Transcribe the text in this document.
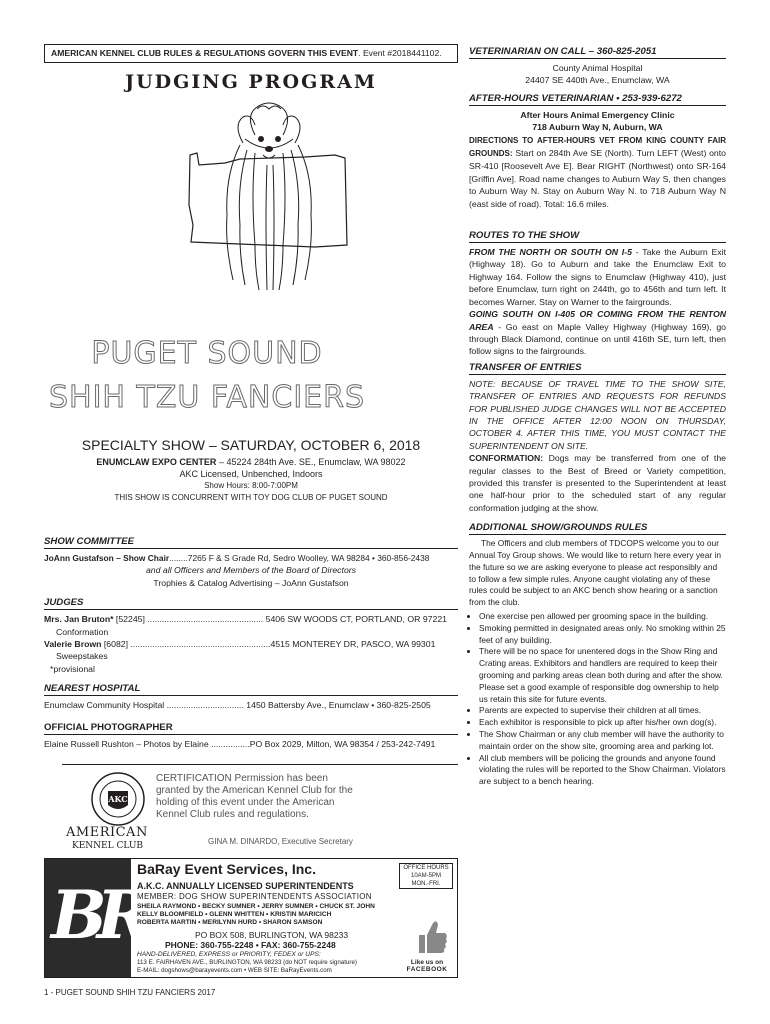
AMERICAN KENNEL CLUB RULES & REGULATIONS GOVERN THIS EVENT. Event #2018441102.
JUDGING PROGRAM
PUGET SOUND
SHIH TZU FANCIERS
SPECIALTY SHOW – SATURDAY, OCTOBER 6, 2018
ENUMCLAW EXPO CENTER – 45224 284th Ave. SE., Enumclaw, WA 98022
AKC Licensed, Unbenched, Indoors
Show Hours: 8:00-7:00PM
THIS SHOW IS CONCURRENT WITH TOY DOG CLUB OF PUGET SOUND
SHOW COMMITTEE
JoAnn Gustafson – Show Chair........7265 F & S Grade Rd, Sedro Woolley, WA 98284 • 360-856-2438
and all Officers and Members of the Board of Directors
Trophies & Catalog Advertising – JoAnn Gustafson
JUDGES
Mrs. Jan Bruton* [52245] ................................................ 5406 SW WOODS CT, PORTLAND, OR 97221
Conformation
Valerie Brown [6082] ..........................................................4515 MONTEREY DR, PASCO, WA 99301
Sweepstakes
*provisional
NEAREST HOSPITAL
Enumclaw Community Hospital ................................ 1450 Battersby Ave., Enumclaw • 360-825-2505
OFFICIAL PHOTOGRAPHER
Elaine Russell Rushton – Photos by Elaine ................PO Box 2029, Milton, WA 98354 / 253-242-7491
AKC
AMERICAN
KENNEL CLUB
CERTIFICATION Permission has been granted by the American Kennel Club for the holding of this event under the American Kennel Club rules and regulations.
GINA M. DINARDO, Executive Secretary
BR
BaRay Event Services, Inc.	OFFICE HOURS
10AM-5PM
MON.-FRI.
A.K.C. ANNUALLY LICENSED SUPERINTENDENTS
MEMBER: DOG SHOW SUPERINTENDENTS ASSOCIATION
SHEILA RAYMOND • BECKY SUMNER • JERRY SUMNER • CHUCK ST. JOHN
KELLY BLOOMFIELD • GLENN WHITTEN • KRISTIN MARICICH
ROBERTA MARTIN • MERILYNN HURD • SHARON SAMSON
PO BOX 508, BURLINGTON, WA 98233
PHONE: 360-755-2248 • FAX: 360-755-2248
HAND-DELIVERED, EXPRESS or PRIORITY, FEDEX or UPS:
113 E. FAIRHAVEN AVE., BURLINGTON, WA 98233 (do NOT require signature)
E-MAIL: dogshows@barayevents.com • WEB SITE: BaRayEvents.com
Like us on
FACEBOOK
1 - PUGET SOUND SHIH TZU FANCIERS 2017
VETERINARIAN ON CALL – 360-825-2051
County Animal Hospital
24407 SE 440th Ave., Enumclaw, WA
AFTER-HOURS VETERINARIAN • 253-939-6272
After Hours Animal Emergency Clinic
718 Auburn Way N, Auburn, WA
DIRECTIONS TO AFTER-HOURS VET FROM KING COUNTY FAIR GROUNDS: Start on 284th Ave SE (North). Turn LEFT (West) onto SR-410 [Roosevelt Ave E]. Bear RIGHT (Northwest) onto SR-164 [Griffin Ave]. Road name changes to Auburn Way S, then changes to Auburn Way N. Stay on Auburn Way N. to 718 Auburn Way N (east side of road). Total: 16.6 miles.
ROUTES TO THE SHOW
FROM THE NORTH OR SOUTH ON I-5 - Take the Auburn Exit (Highway 18). Go to Auburn and take the Enumclaw Exit to Highway 164. Follow the signs to Enumclaw (Highway 410), just before Enumclaw, turn right on 244th, go to 456th and turn left. It becomes Warner. Stay on Warner to the fairgrounds.
GOING SOUTH ON I-405 OR COMING FROM THE RENTON AREA - Go east on Maple Valley Highway (Highway 169), go through Black Diamond, continue on until 416th SE, turn left, then follow signs to the fairgrounds.
TRANSFER OF ENTRIES
NOTE: BECAUSE OF TRAVEL TIME TO THE SHOW SITE, TRANSFER OF ENTRIES AND REQUESTS FOR REFUNDS FOR PUBLISHED JUDGE CHANGES WILL NOT BE ACCEPTED IN THE OFFICE AFTER 12:00 NOON ON THURSDAY, OCTOBER 4. AFTER THIS TIME, YOU MUST CONTACT THE SUPERINTENDENT ON SITE.
CONFORMATION: Dogs may be transferred from one of the regular classes to the Best of Breed or Variety competition, provided this transfer is presented to the Superintendent at least one half-hour prior to the scheduled start of any regular conformation judging at the show.
ADDITIONAL SHOW/GROUNDS RULES
The Officers and club members of TDCOPS welcome you to our Annual Toy Group shows. We would like to return here every year in the future so we are asking everyone to please act responsibly and to follow a few simple rules. Anyone caught violating any of these rules could be subject to an AKC bench show hearing or a sanction from the club.
• One exercise pen allowed per grooming space in the building.
• Smoking permitted in designated areas only. No smoking within 25 feet of any building.
• There will be no space for unentered dogs in the Show Ring and Crating areas. Exhibitors and handlers are required to keep their grooming and parking areas clean both during and after the show. Please set a good example of responsible dog ownership to help us retain this site for future events.
• Parents are expected to supervise their children at all times.
• Each exhibitor is responsible to pick up after his/her own dog(s).
• The Show Chairman or any club member will have the authority to maintain order on the show site, grooming area and parking lot.
• All club members will be policing the grounds and anyone found violating the rules will be reported to the Show Chairman. Violators are subject to a bench hearing.
